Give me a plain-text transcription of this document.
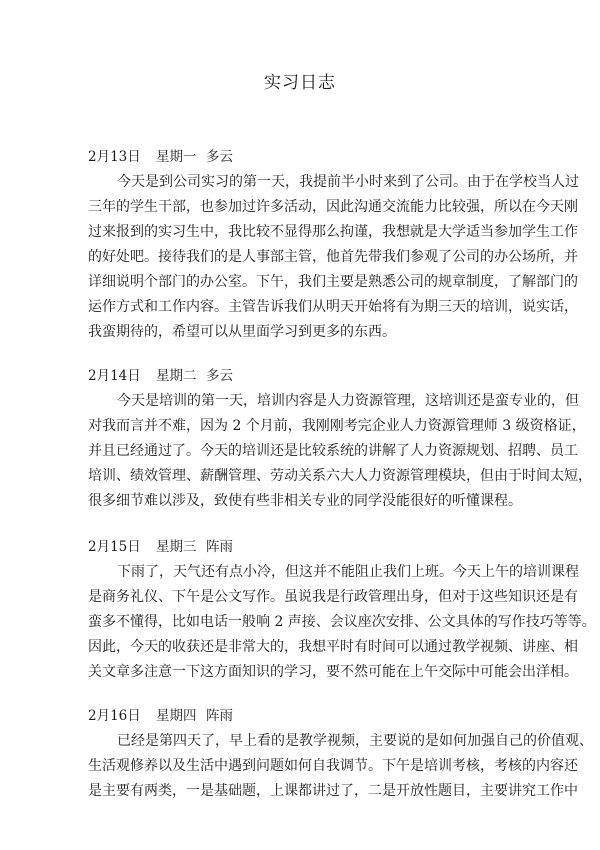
实习日志
2月13日 星期一 多云
今天是到公司实习的第一天，我提前半小时来到了公司。由于在学校当人过
三年的学生干部，也参加过许多活动，因此沟通交流能力比较强，所以在今天刚
过来报到的实习生中，我比较不显得那么拘谨，我想就是大学适当参加学生工作
的好处吧。接待我们的是人事部主管，他首先带我们参观了公司的办公场所，并
详细说明个部门的办公室。下午，我们主要是熟悉公司的规章制度，了解部门的
运作方式和工作内容。主管告诉我们从明天开始将有为期三天的培训，说实话，
我蛮期待的，希望可以从里面学习到更多的东西。
2月14日 星期二 多云
今天是培训的第一天，培训内容是人力资源管理，这培训还是蛮专业的，但
对我而言并不难，因为 2 个月前，我刚刚考完企业人力资源管理师 3 级资格证，
并且已经通过了。今天的培训还是比较系统的讲解了人力资源规划、招聘、员工
培训、绩效管理、薪酬管理、劳动关系六大人力资源管理模块，但由于时间太短，
很多细节难以涉及，致使有些非相关专业的同学没能很好的听懂课程。
2月15日 星期三 阵雨
下雨了，天气还有点小冷，但这并不能阻止我们上班。今天上午的培训课程
是商务礼仪、下午是公文写作。虽说我是行政管理出身，但对于这些知识还是有
蛮多不懂得，比如电话一般响 2 声接、会议座次安排、公文具体的写作技巧等等。
因此，今天的收获还是非常大的，我想平时有时间可以通过教学视频、讲座、相
关文章多注意一下这方面知识的学习，要不然可能在上午交际中可能会出洋相。
2月16日 星期四 阵雨
已经是第四天了，早上看的是教学视频，主要说的是如何加强自己的价值观、
生活观修养以及生活中遇到问题如何自我调节。下午是培训考核，考核的内容还
是主要有两类，一是基础题，上课都讲过了，二是开放性题目，主要讲究工作中
